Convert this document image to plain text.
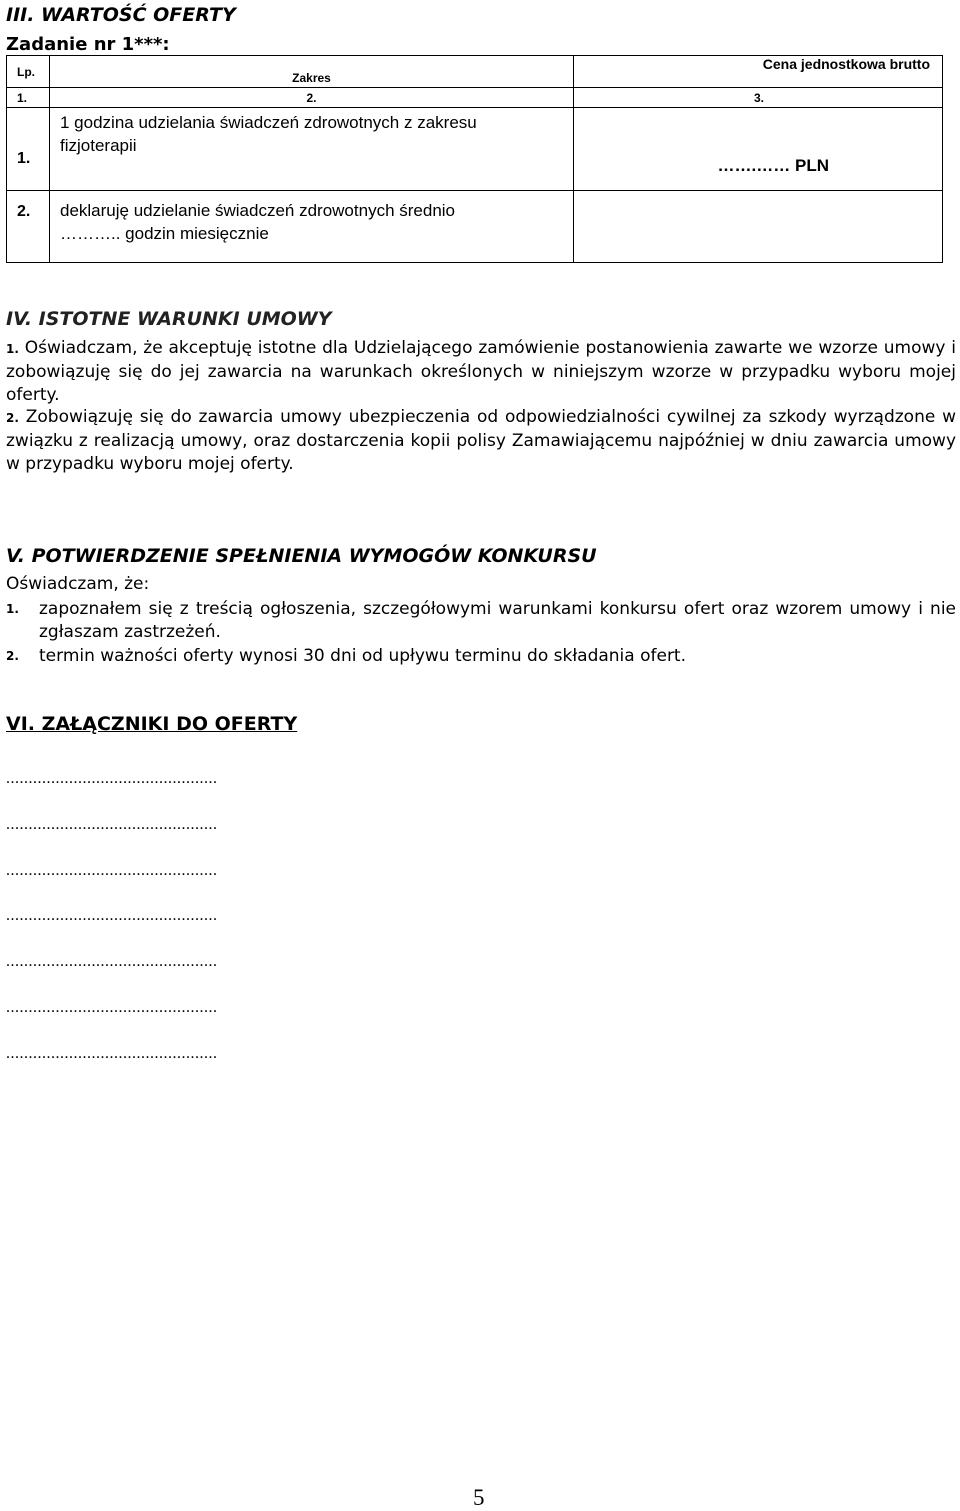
III. WARTOŚĆ OFERTY
Zadanie nr 1***:
Lp.	Zakres	Cena jednostkowa brutto
1.	2.	3.
1.	1 godzina udzielania świadczeń zdrowotnych z zakresu fizjoterapii	…….…… PLN
2.	deklaruję udzielanie świadczeń zdrowotnych średnio
……….. godzin miesięcznie	

IV. ISTOTNE WARUNKI UMOWY
1. Oświadczam, że akceptuję istotne dla Udzielającego zamówienie postanowienia zawarte we wzorze umowy i zobowiązuję się do jej zawarcia na warunkach określonych w niniejszym wzorze w przypadku wyboru mojej oferty.
2. Zobowiązuję się do zawarcia umowy ubezpieczenia od odpowiedzialności cywilnej za szkody wyrządzone w związku z realizacją umowy, oraz dostarczenia kopii polisy Zamawiającemu najpóźniej w dniu zawarcia umowy w przypadku wyboru mojej oferty.
V. POTWIERDZENIE SPEŁNIENIA WYMOGÓW KONKURSU
Oświadczam, że:
1. zapoznałem się z treścią ogłoszenia, szczegółowymi warunkami konkursu ofert oraz wzorem umowy i nie zgłaszam zastrzeżeń.
2. termin ważności oferty wynosi 30 dni od upływu terminu do składania ofert.
VI. ZAŁĄCZNIKI DO OFERTY
...............................................
...............................................
...............................................
...............................................
...............................................
...............................................
...............................................
5
